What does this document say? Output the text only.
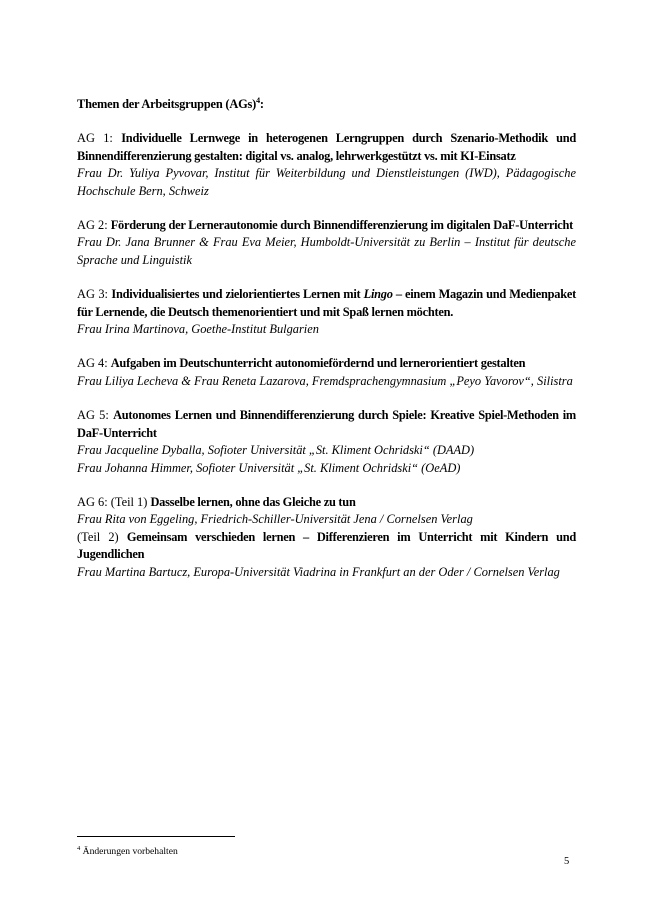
Themen der Arbeitsgruppen (AGs)$^4$:

AG 1: Individuelle Lernwege in heterogenen Lerngruppen durch Szenario-Methodik und Binnendifferenzierung gestalten: digital vs. analog, lehrwerkgestützt vs. mit KI-Einsatz

Frau Dr. Yuliya Pyvovar, Institut für Weiterbildung und Dienstleistungen (IWD), Pädagogische Hochschule Bern, Schweiz

AG 2: Förderung der Lernerautonomie durch Binnendifferenzierung im digitalen DaF-Unterricht

Frau Dr. Jana Brunner & Frau Eva Meier, Humboldt-Universität zu Berlin – Institut für deutsche Sprache und Linguistik

AG 3: Individualisiertes und zielorientiertes Lernen mit Lingo – einem Magazin und Medienpaket für Lernende, die Deutsch themenorientiert und mit Spaß lernen möchten.

Frau Irina Martinova, Goethe-Institut Bulgarien

AG 4: Aufgaben im Deutschunterricht autonomiefördernd und lernerorientiert gestalten

Frau Liliya Lecheva & Frau Reneta Lazarova, Fremdsprachengymnasium „Peyo Yavorov“, Silistra

AG 5: Autonomes Lernen und Binnendifferenzierung durch Spiele: Kreative Spiel-Methoden im DaF-Unterricht

Frau Jacqueline Dyballa, Sofioter Universität „St. Kliment Ochridski“ (DAAD)

Frau Johanna Himmer, Sofioter Universität „St. Kliment Ochridski“ (OeAD)

AG 6: (Teil 1) Dasselbe lernen, ohne das Gleiche zu tun

Frau Rita von Eggeling, Friedrich-Schiller-Universität Jena / Cornelsen Verlag

(Teil 2) Gemeinsam verschieden lernen – Differenzieren im Unterricht mit Kindern und Jugendlichen

Frau Martina Bartucz, Europa-Universität Viadrina in Frankfurt an der Oder / Cornelsen Verlag

$^4$ Änderungen vorbehalten
5
